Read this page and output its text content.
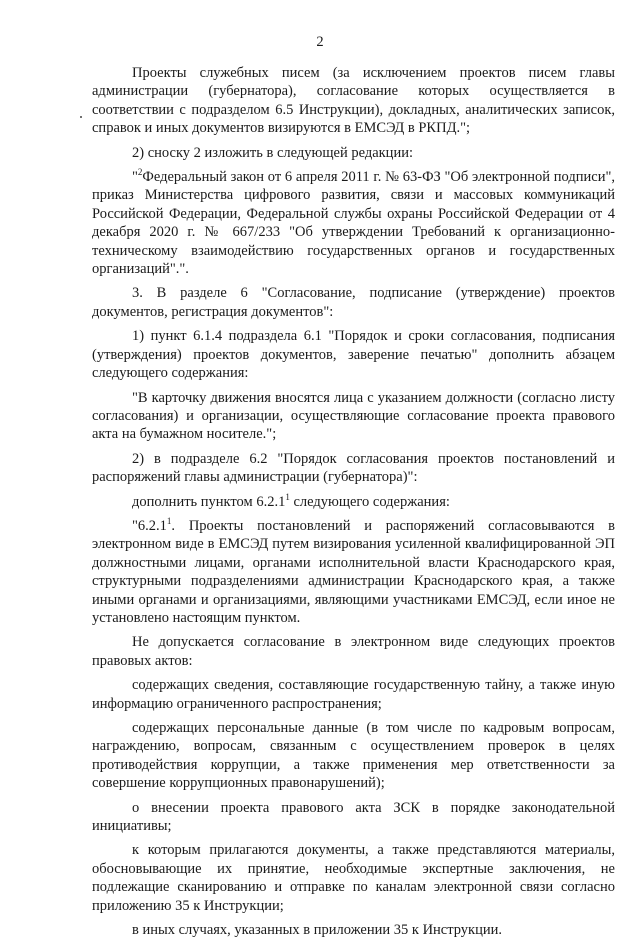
2

Проекты служебных писем (за исключением проектов писем главы администрации (губернатора), согласование которых осуществляется в соответствии с подразделом 6.5 Инструкции), докладных, аналитических записок, справок и иных документов визируются в ЕМСЭД в РКПД.";

2) сноску 2 изложить в следующей редакции:

"$^2$Федеральный закон от 6 апреля 2011 г. № 63-ФЗ "Об электронной подписи", приказ Министерства цифрового развития, связи и массовых коммуникаций Российской Федерации, Федеральной службы охраны Российской Федерации от 4 декабря 2020 г. № 667/233 "Об утверждении Требований к организационно-техническому взаимодействию государственных органов и государственных организаций".".

3. В разделе 6 "Согласование, подписание (утверждение) проектов документов, регистрация документов":

1) пункт 6.1.4 подраздела 6.1 "Порядок и сроки согласования, подписания (утверждения) проектов документов, заверение печатью" дополнить абзацем следующего содержания:

"В карточку движения вносятся лица с указанием должности (согласно листу согласования) и организации, осуществляющие согласование проекта правового акта на бумажном носителе.";

2) в подразделе 6.2 "Порядок согласования проектов постановлений и распоряжений главы администрации (губернатора)":

дополнить пунктом 6.2.1$^1$ следующего содержания:

"6.2.1$^1$. Проекты постановлений и распоряжений согласовываются в электронном виде в ЕМСЭД путем визирования усиленной квалифицированной ЭП должностными лицами, органами исполнительной власти Краснодарского края, структурными подразделениями администрации Краснодарского края, а также иными органами и организациями, являющими участниками ЕМСЭД, если иное не установлено настоящим пунктом.

Не допускается согласование в электронном виде следующих проектов правовых актов:

содержащих сведения, составляющие государственную тайну, а также иную информацию ограниченного распространения;

содержащих персональные данные (в том числе по кадровым вопросам, награждению, вопросам, связанным с осуществлением проверок в целях противодействия коррупции, а также применения мер ответственности за совершение коррупционных правонарушений);

о внесении проекта правового акта ЗСК в порядке законодательной инициативы;

к которым прилагаются документы, а также представляются материалы, обосновывающие их принятие, необходимые экспертные заключения, не подлежащие сканированию и отправке по каналам электронной связи согласно приложению 35 к Инструкции;

в иных случаях, указанных в приложении 35 к Инструкции.
